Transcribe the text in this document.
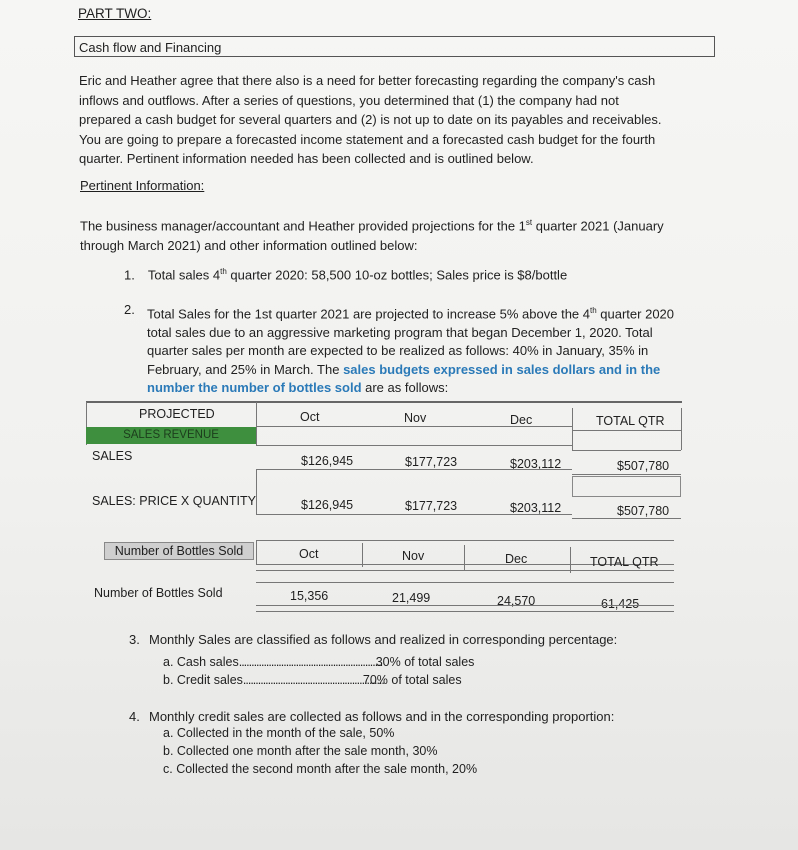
PART TWO:
Cash flow and Financing
Eric and Heather agree that there also is a need for better forecasting regarding the company's cash
inflows and outflows. After a series of questions, you determined that (1) the company had not
prepared a cash budget for several quarters and (2) is not up to date on its payables and receivables.
You are going to prepare a forecasted income statement and a forecasted cash budget for the fourth
quarter. Pertinent information needed has been collected and is outlined below.
Pertinent Information:
The business manager/accountant and Heather provided projections for the 1st quarter 2021 (January
through March 2021) and other information outlined below:
1. Total sales 4th quarter 2020: 58,500 10-oz bottles; Sales price is $8/bottle
2. Total Sales for the 1st quarter 2021 are projected to increase 5% above the 4th quarter 2020
total sales due to an aggressive marketing program that began December 1, 2020. Total
quarter sales per month are expected to be realized as follows: 40% in January, 35% in
February, and 25% in March. The sales budgets expressed in sales dollars and in the
number the number of bottles sold are as follows:
PROJECTED
SALES REVENUE
Oct	Nov	Dec	TOTAL QTR
SALES	$126,945	$177,723	$203,112	$507,780
SALES: PRICE X QUANTITY	$126,945	$177,723	$203,112	$507,780
Number of Bottles Sold	Oct	Nov	Dec	TOTAL QTR
Number of Bottles Sold	15,356	21,499	24,570	61,425
3. Monthly Sales are classified as follows and realized in corresponding percentage:
a. Cash sales..........................................................30% of total sales
b. Credit sales.........................................................70% of total sales
4. Monthly credit sales are collected as follows and in the corresponding proportion:
a. Collected in the month of the sale, 50%
b. Collected one month after the sale month, 30%
c. Collected the second month after the sale month, 20%
